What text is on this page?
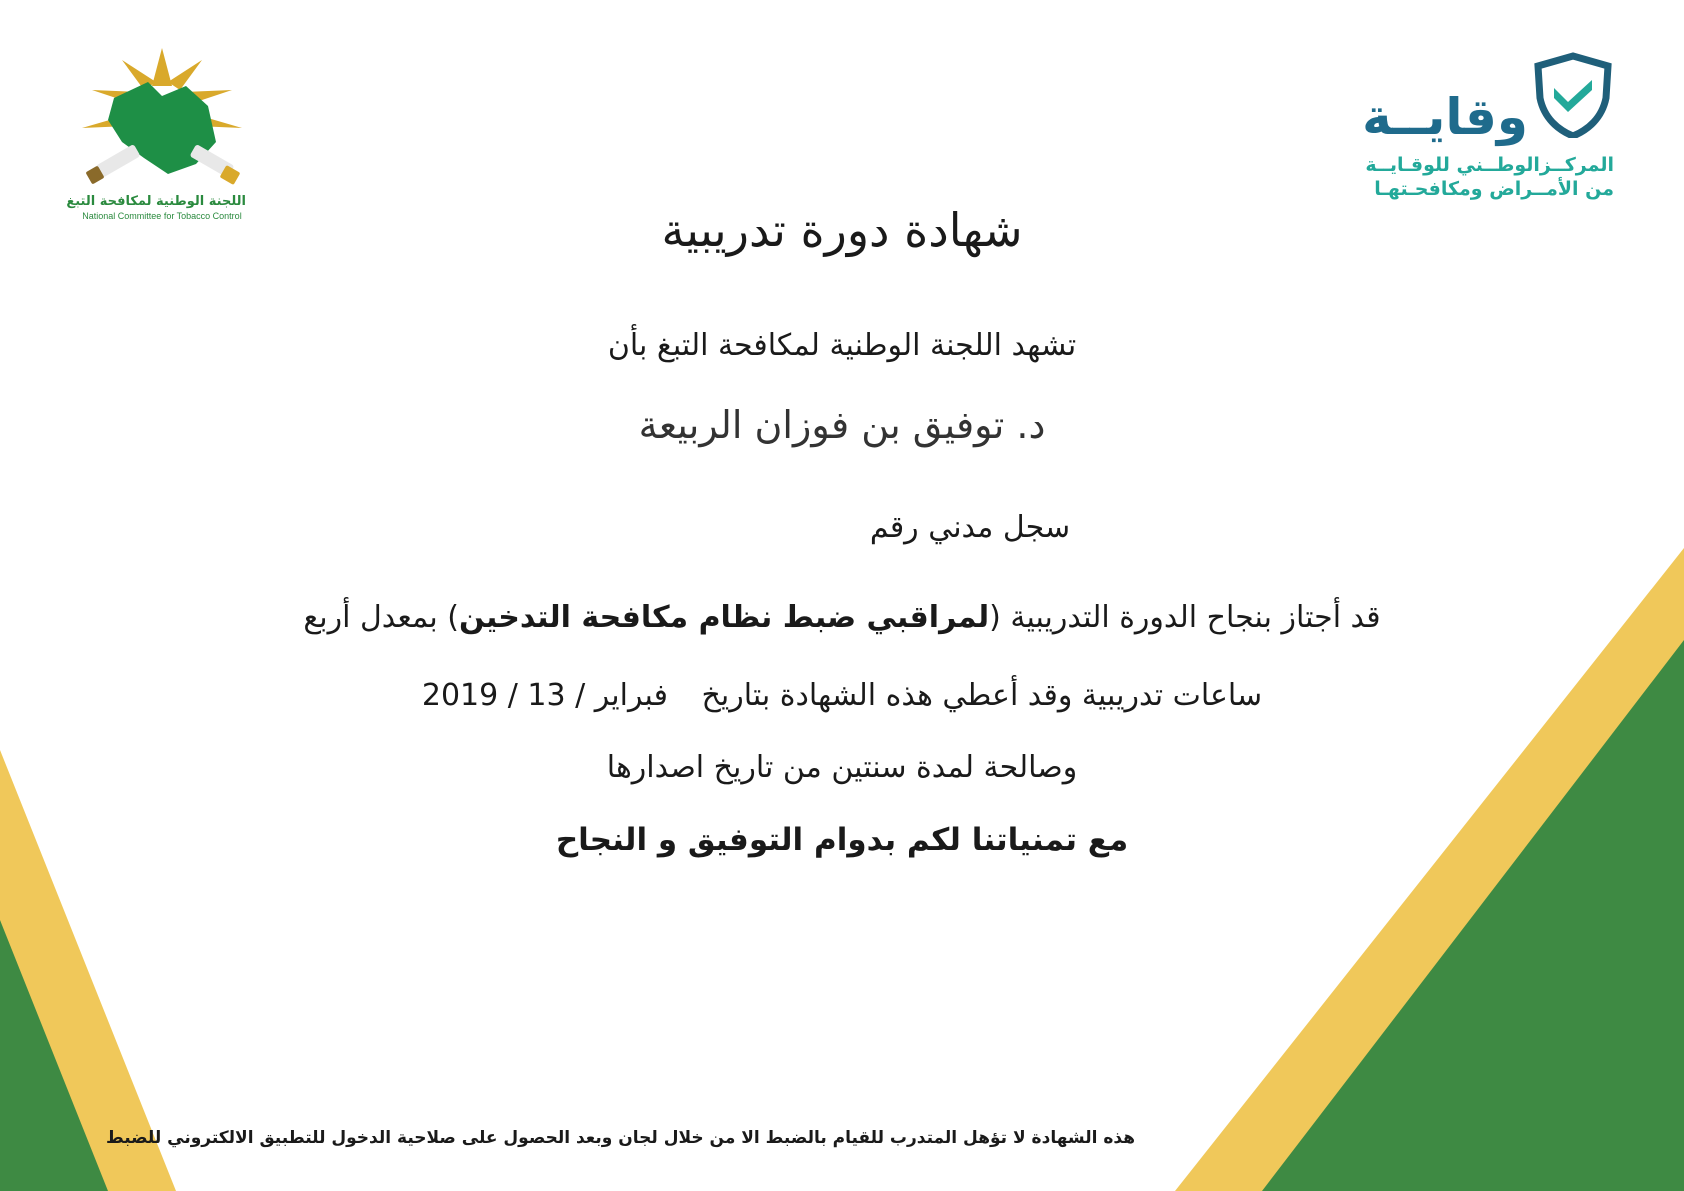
اللجنة الوطنية لمكافحة التبغ
National Committee for Tobacco Control
وقايــة
المركــزالوطــني للوقـايــة
من الأمــراض ومكافحـتهـا
شهادة دورة تدريبية
تشهد اللجنة الوطنية لمكافحة التبغ بأن
د. توفيق بن فوزان الربيعة
سجل مدني رقم
قد أجتاز بنجاح الدورة التدريبية (لمراقبي ضبط نظام مكافحة التدخين) بمعدل أربع
ساعات تدريبية وقد أعطي هذه الشهادة بتاريخ 2019 / فبراير / 13
وصالحة لمدة سنتين من تاريخ اصدارها
مع تمنياتنا لكم بدوام التوفيق و النجاح
هذه الشهادة لا تؤهل المتدرب للقيام بالضبط الا من خلال لجان وبعد الحصول على صلاحية الدخول للتطبيق الالكتروني للضبط
